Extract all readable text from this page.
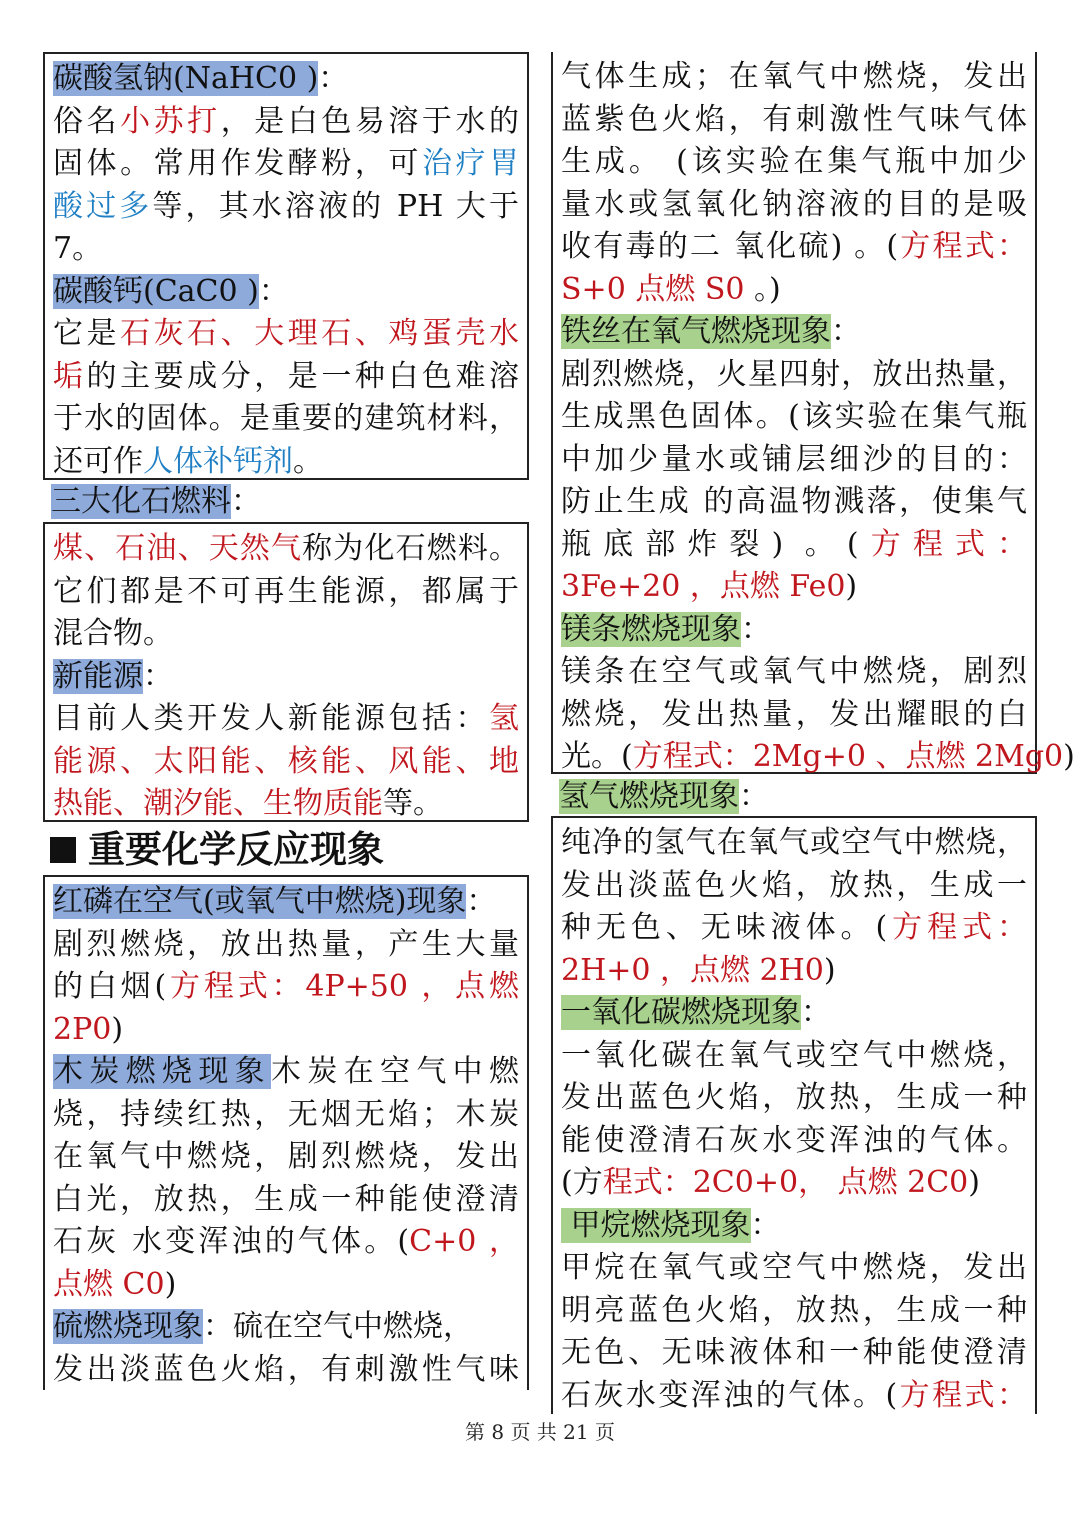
碳酸氢钠(NaHC0 )：
俗名小苏打，是白色易溶于水的
固体。常用作发酵粉，可治疗胃
酸过多等，其水溶液的 PH 大于
7。
碳酸钙(CaC0 )：
它是石灰石、大理石、鸡蛋壳水
垢的主要成分，是一种白色难溶
于水的固体。是重要的建筑材料，
还可作人体补钙剂。
三大化石燃料：
煤、石油、天然气称为化石燃料。
它们都是不可再生能源，都属于
混合物。
新能源：
目前人类开发人新能源包括：氢
能源、太阳能、核能、风能、地
热能、潮汐能、生物质能等。
重要化学反应现象
红磷在空气(或氧气中燃烧)现象：
剧烈燃烧，放出热量，产生大量
的白烟(方程式：4P+50 ，点燃
2P0)
木炭燃烧现象木炭在空气中燃
烧，持续红热，无烟无焰；木炭
在氧气中燃烧，剧烈燃烧，发出
白光，放热，生成一种能使澄清
石灰 水变浑浊的气体。(C+0 ，
点燃 C0)
硫燃烧现象：硫在空气中燃烧，
发出淡蓝色火焰，有刺激性气味
气体生成；在氧气中燃烧，发出
蓝紫色火焰，有刺激性气味气体
生成。 (该实验在集气瓶中加少
量水或氢氧化钠溶液的目的是吸
收有毒的二 氧化硫) 。(方程式：
S+0 点燃 S0 。)
铁丝在氧气燃烧现象：
剧烈燃烧，火星四射，放出热量，
生成黑色固体。(该实验在集气瓶
中加少量水或铺层细沙的目的：
防止生成 的高温物溅落，使集气
瓶底部炸裂) 。(方程式：
3Fe+20 ，点燃 Fe0)
镁条燃烧现象：
镁条在空气或氧气中燃烧，剧烈
燃烧，发出热量，发出耀眼的白
光。(方程式：2Mg+0 、点燃 2Mg0)
氢气燃烧现象：
纯净的氢气在氧气或空气中燃烧，
发出淡蓝色火焰，放热，生成一
种无色、无味液体。(方程式：
2H+0 ，点燃 2H0)
一氧化碳燃烧现象：
一氧化碳在氧气或空气中燃烧，
发出蓝色火焰，放热，生成一种
能使澄清石灰水变浑浊的气体。
(方程式：2C0+0， 点燃 2C0)
甲烷燃烧现象：
甲烷在氧气或空气中燃烧，发出
明亮蓝色火焰，放热，生成一种
无色、无味液体和一种能使澄清
石灰水变浑浊的气体。(方程式：
第 8 页 共 21 页
